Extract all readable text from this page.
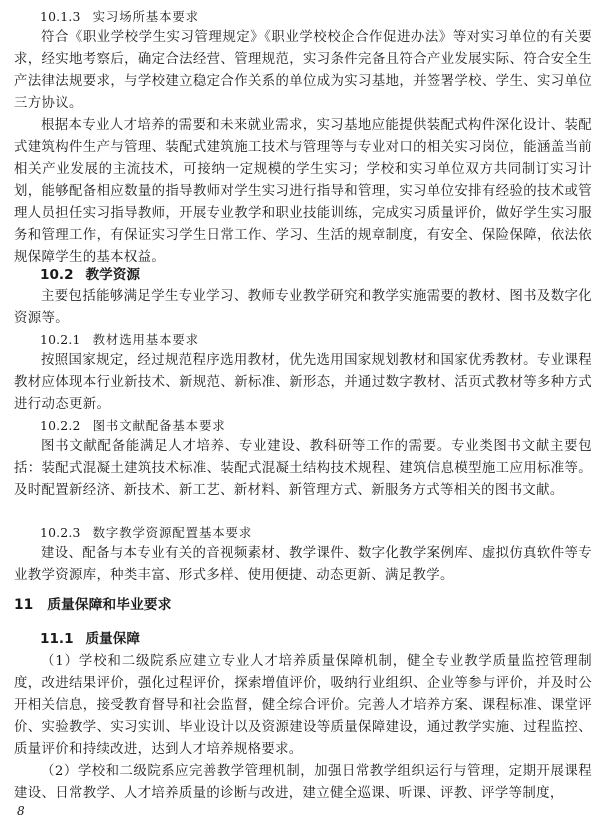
10.1.3 实习场所基本要求

符合《职业学校学生实习管理规定》《职业学校校企合作促进办法》等对实习单位的有关要求，经实地考察后，确定合法经营、管理规范，实习条件完备且符合产业发展实际、符合安全生产法律法规要求，与学校建立稳定合作关系的单位成为实习基地，并签署学校、学生、实习单位三方协议。

根据本专业人才培养的需要和未来就业需求，实习基地应能提供装配式构件深化设计、装配式建筑构件生产与管理、装配式建筑施工技术与管理等与专业对口的相关实习岗位，能涵盖当前相关产业发展的主流技术，可接纳一定规模的学生实习；学校和实习单位双方共同制订实习计划，能够配备相应数量的指导教师对学生实习进行指导和管理，实习单位安排有经验的技术或管理人员担任实习指导教师，开展专业教学和职业技能训练，完成实习质量评价，做好学生实习服务和管理工作，有保证实习学生日常工作、学习、生活的规章制度，有安全、保险保障，依法依规保障学生的基本权益。

10.2 教学资源

主要包括能够满足学生专业学习、教师专业教学研究和教学实施需要的教材、图书及数字化资源等。

10.2.1 教材选用基本要求

按照国家规定，经过规范程序选用教材，优先选用国家规划教材和国家优秀教材。专业课程教材应体现本行业新技术、新规范、新标准、新形态，并通过数字教材、活页式教材等多种方式进行动态更新。

10.2.2 图书文献配备基本要求

图书文献配备能满足人才培养、专业建设、教科研等工作的需要。专业类图书文献主要包括：装配式混凝土建筑技术标准、装配式混凝土结构技术规程、建筑信息模型施工应用标准等。及时配置新经济、新技术、新工艺、新材料、新管理方式、新服务方式等相关的图书文献。

10.2.3 数字教学资源配置基本要求

建设、配备与本专业有关的音视频素材、教学课件、数字化教学案例库、虚拟仿真软件等专业教学资源库，种类丰富、形式多样、使用便捷、动态更新、满足教学。

11 质量保障和毕业要求
11.1 质量保障

（1）学校和二级院系应建立专业人才培养质量保障机制，健全专业教学质量监控管理制度，改进结果评价，强化过程评价，探索增值评价，吸纳行业组织、企业等参与评价，并及时公开相关信息，接受教育督导和社会监督，健全综合评价。完善人才培养方案、课程标准、课堂评价、实验教学、实习实训、毕业设计以及资源建设等质量保障建设，通过教学实施、过程监控、质量评价和持续改进，达到人才培养规格要求。

（2）学校和二级院系应完善教学管理机制，加强日常教学组织运行与管理，定期开展课程建设、日常教学、人才培养质量的诊断与改进，建立健全巡课、听课、评教、评学等制度，

8
